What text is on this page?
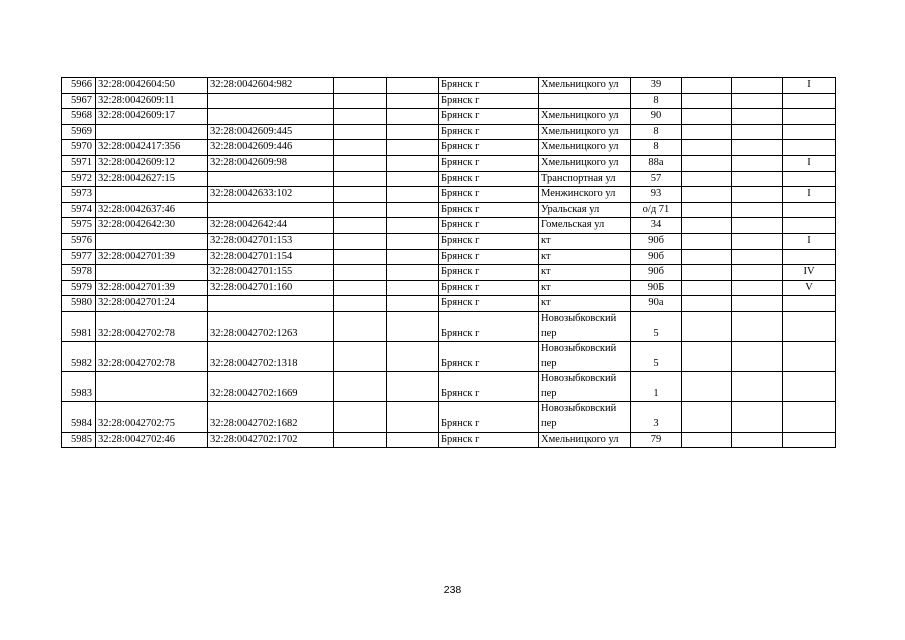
5966	32:28:0042604:50	32:28:0042604:982			Брянск г	Хмельницкого ул	39			I
5967	32:28:0042609:11				Брянск г		8			
5968	32:28:0042609:17				Брянск г	Хмельницкого ул	90			
5969		32:28:0042609:445			Брянск г	Хмельницкого ул	8			
5970	32:28:0042417:356	32:28:0042609:446			Брянск г	Хмельницкого ул	8			
5971	32:28:0042609:12	32:28:0042609:98			Брянск г	Хмельницкого ул	88а			I
5972	32:28:0042627:15				Брянск г	Транспортная ул	57			
5973		32:28:0042633:102			Брянск г	Менжинского ул	93			I
5974	32:28:0042637:46				Брянск г	Уральская ул	о/д 71			
5975	32:28:0042642:30	32:28:0042642:44			Брянск г	Гомельская ул	34			
5976		32:28:0042701:153			Брянск г	кт	90б			I
5977	32:28:0042701:39	32:28:0042701:154			Брянск г	кт	90б			
5978		32:28:0042701:155			Брянск г	кт	90б			IV
5979	32:28:0042701:39	32:28:0042701:160			Брянск г	кт	90Б			V
5980	32:28:0042701:24				Брянск г	кт	90а			
5981	32:28:0042702:78	32:28:0042702:1263			Брянск г	Новозыбковский пер	5			
5982	32:28:0042702:78	32:28:0042702:1318			Брянск г	Новозыбковский пер	5			
5983		32:28:0042702:1669			Брянск г	Новозыбковский пер	1			
5984	32:28:0042702:75	32:28:0042702:1682			Брянск г	Новозыбковский пер	3			
5985	32:28:0042702:46	32:28:0042702:1702			Брянск г	Хмельницкого ул	79			
238
